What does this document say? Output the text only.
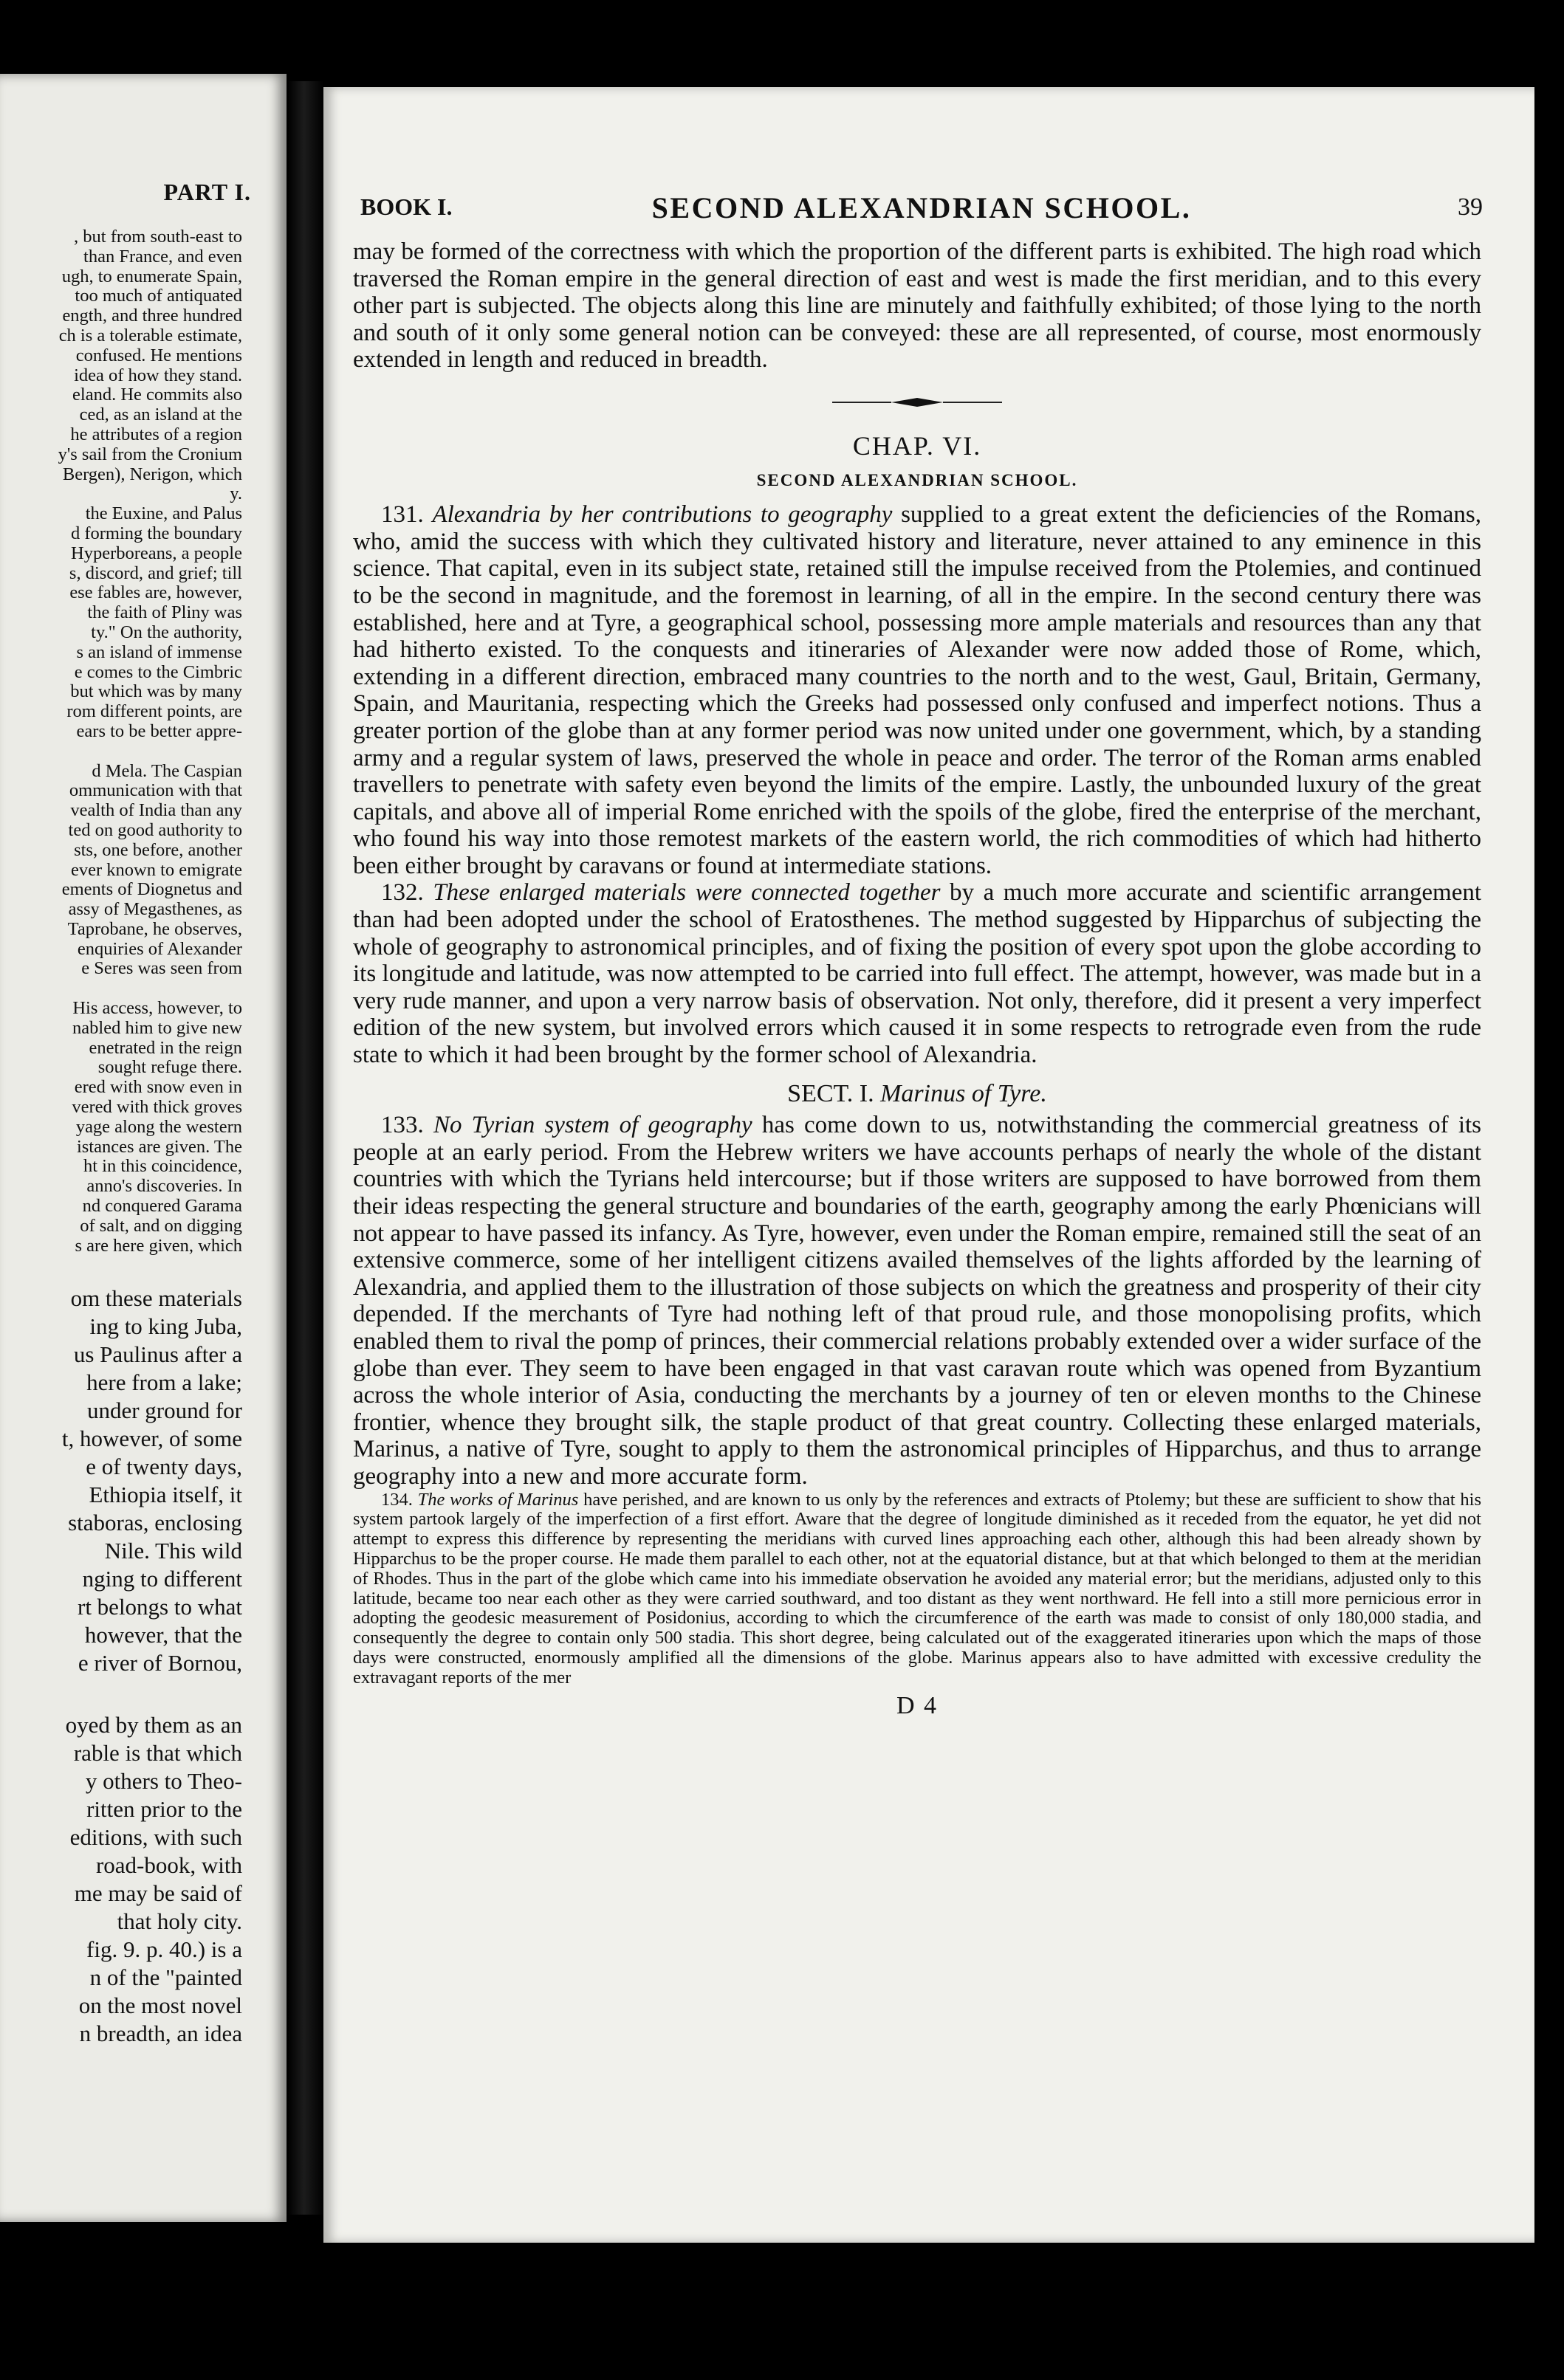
PART I.
, but from south-east to
than France, and even
ugh, to enumerate Spain,
too much of antiquated
ength, and three hundred
ch is a tolerable estimate,
confused. He mentions
idea of how they stand.
eland. He commits also
ced, as an island at the
he attributes of a region
y's sail from the Cronium
Bergen), Nerigon, which
y.
the Euxine, and Palus
d forming the boundary
Hyperboreans, a people
s, discord, and grief; till
ese fables are, however,
the faith of Pliny was
ty." On the authority,
s an island of immense
e comes to the Cimbric
but which was by many
rom different points, are
ears to be better appre-

d Mela. The Caspian
ommunication with that
vealth of India than any
ted on good authority to
sts, one before, another
ever known to emigrate
ements of Diognetus and
assy of Megasthenes, as
Taprobane, he observes,
enquiries of Alexander
e Seres was seen from

His access, however, to
nabled him to give new
enetrated in the reign
sought refuge there.
ered with snow even in
vered with thick groves
yage along the western
istances are given. The
ht in this coincidence,
anno's discoveries. In
nd conquered Garama
of salt, and on digging
s are here given, which
om these materials
ing to king Juba,
us Paulinus after a
here from a lake;
under ground for
t, however, of some
e of twenty days,
Ethiopia itself, it
staboras, enclosing
Nile. This wild
nging to different
rt belongs to what
however, that the
e river of Bornou,
oyed by them as an
rable is that which
y others to Theo-
ritten prior to the
editions, with such
road-book, with
me may be said of
that holy city.
fig. 9. p. 40.) is a
n of the "painted
on the most novel
n breadth, an idea
BOOK I.	SECOND ALEXANDRIAN SCHOOL.	39

may be formed of the correctness with which the proportion of the different parts is exhibited. The high road which traversed the Roman empire in the general direction of east and west is made the first meridian, and to this every other part is subjected. The objects along this line are minutely and faithfully exhibited; of those lying to the north and south of it only some general notion can be conveyed: these are all represented, of course, most enormously extended in length and reduced in breadth.

CHAP. VI.
SECOND ALEXANDRIAN SCHOOL.

131. Alexandria by her contributions to geography supplied to a great extent the deficiencies of the Romans, who, amid the success with which they cultivated history and literature, never attained to any eminence in this science. That capital, even in its subject state, retained still the impulse received from the Ptolemies, and continued to be the second in magnitude, and the foremost in learning, of all in the empire. In the second century there was established, here and at Tyre, a geographical school, possessing more ample materials and resources than any that had hitherto existed. To the conquests and itineraries of Alexander were now added those of Rome, which, extending in a different direction, embraced many countries to the north and to the west, Gaul, Britain, Germany, Spain, and Mauritania, respecting which the Greeks had possessed only confused and imperfect notions. Thus a greater portion of the globe than at any former period was now united under one government, which, by a standing army and a regular system of laws, preserved the whole in peace and order. The terror of the Roman arms enabled travellers to penetrate with safety even beyond the limits of the empire. Lastly, the unbounded luxury of the great capitals, and above all of imperial Rome enriched with the spoils of the globe, fired the enterprise of the merchant, who found his way into those remotest markets of the eastern world, the rich commodities of which had hitherto been either brought by caravans or found at intermediate stations.

132. These enlarged materials were connected together by a much more accurate and scientific arrangement than had been adopted under the school of Eratosthenes. The method suggested by Hipparchus of subjecting the whole of geography to astronomical principles, and of fixing the position of every spot upon the globe according to its longitude and latitude, was now attempted to be carried into full effect. The attempt, however, was made but in a very rude manner, and upon a very narrow basis of observation. Not only, therefore, did it present a very imperfect edition of the new system, but involved errors which caused it in some respects to retrograde even from the rude state to which it had been brought by the former school of Alexandria.

SECT. I. Marinus of Tyre.

133. No Tyrian system of geography has come down to us, notwithstanding the commercial greatness of its people at an early period. From the Hebrew writers we have accounts perhaps of nearly the whole of the distant countries with which the Tyrians held intercourse; but if those writers are supposed to have borrowed from them their ideas respecting the general structure and boundaries of the earth, geography among the early Phœnicians will not appear to have passed its infancy. As Tyre, however, even under the Roman empire, remained still the seat of an extensive commerce, some of her intelligent citizens availed themselves of the lights afforded by the learning of Alexandria, and applied them to the illustration of those subjects on which the greatness and prosperity of their city depended. If the merchants of Tyre had nothing left of that proud rule, and those monopolising profits, which enabled them to rival the pomp of princes, their commercial relations probably extended over a wider surface of the globe than ever. They seem to have been engaged in that vast caravan route which was opened from Byzantium across the whole interior of Asia, conducting the merchants by a journey of ten or eleven months to the Chinese frontier, whence they brought silk, the staple product of that great country. Collecting these enlarged materials, Marinus, a native of Tyre, sought to apply to them the astronomical principles of Hipparchus, and thus to arrange geography into a new and more accurate form.

134. The works of Marinus have perished, and are known to us only by the references and extracts of Ptolemy; but these are sufficient to show that his system partook largely of the imperfection of a first effort. Aware that the degree of longitude diminished as it receded from the equator, he yet did not attempt to express this difference by representing the meridians with curved lines approaching each other, although this had been already shown by Hipparchus to be the proper course. He made them parallel to each other, not at the equatorial distance, but at that which belonged to them at the meridian of Rhodes. Thus in the part of the globe which came into his immediate observation he avoided any material error; but the meridians, adjusted only to this latitude, became too near each other as they were carried southward, and too distant as they went northward. He fell into a still more pernicious error in adopting the geodesic measurement of Posidonius, according to which the circumference of the earth was made to consist of only 180,000 stadia, and consequently the degree to contain only 500 stadia. This short degree, being calculated out of the exaggerated itineraries upon which the maps of those days were constructed, enormously amplified all the dimensions of the globe. Marinus appears also to have admitted with excessive credulity the extravagant reports of the mer

D 4
